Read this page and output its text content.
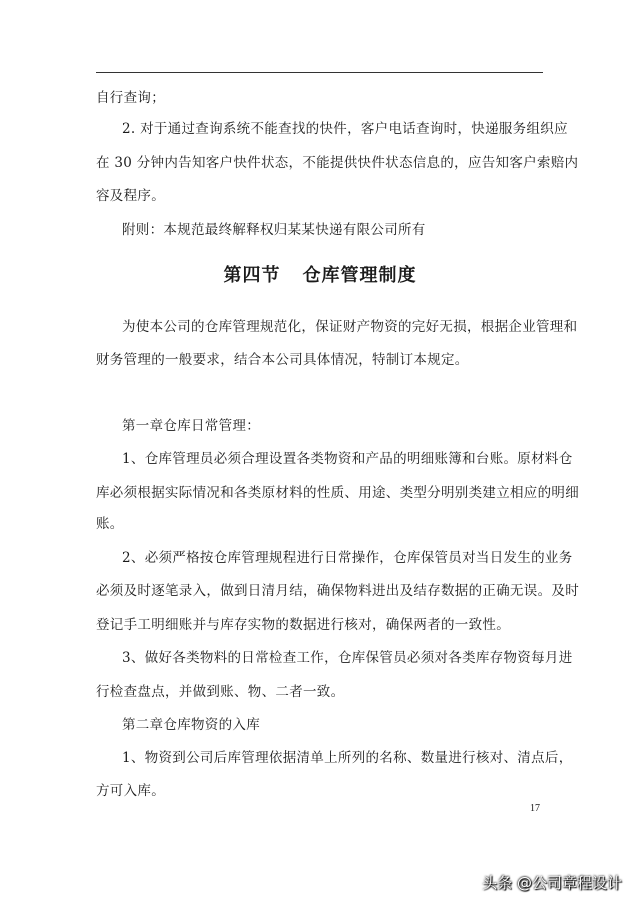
自行查询；

2. 对于通过查询系统不能查找的快件，客户电话查询时，快递服务组织应

在 30 分钟内告知客户快件状态，不能提供快件状态信息的，应告知客户索赔内

容及程序。

附则：本规范最终解释权归某某快递有限公司所有

第四节 仓库管理制度

为使本公司的仓库管理规范化，保证财产物资的完好无损，根据企业管理和

财务管理的一般要求，结合本公司具体情况，特制订本规定。

第一章仓库日常管理：

1、仓库管理员必须合理设置各类物资和产品的明细账簿和台账。原材料仓

库必须根据实际情况和各类原材料的性质、用途、类型分明别类建立相应的明细

账。

2、必须严格按仓库管理规程进行日常操作，仓库保管员对当日发生的业务

必须及时逐笔录入，做到日清月结，确保物料进出及结存数据的正确无误。及时

登记手工明细账并与库存实物的数据进行核对，确保两者的一致性。

3、做好各类物料的日常检查工作，仓库保管员必须对各类库存物资每月进

行检查盘点，并做到账、物、二者一致。

第二章仓库物资的入库

1、物资到公司后库管理依据清单上所列的名称、数量进行核对、清点后，

方可入库。

17
头条 @公司章程设计
